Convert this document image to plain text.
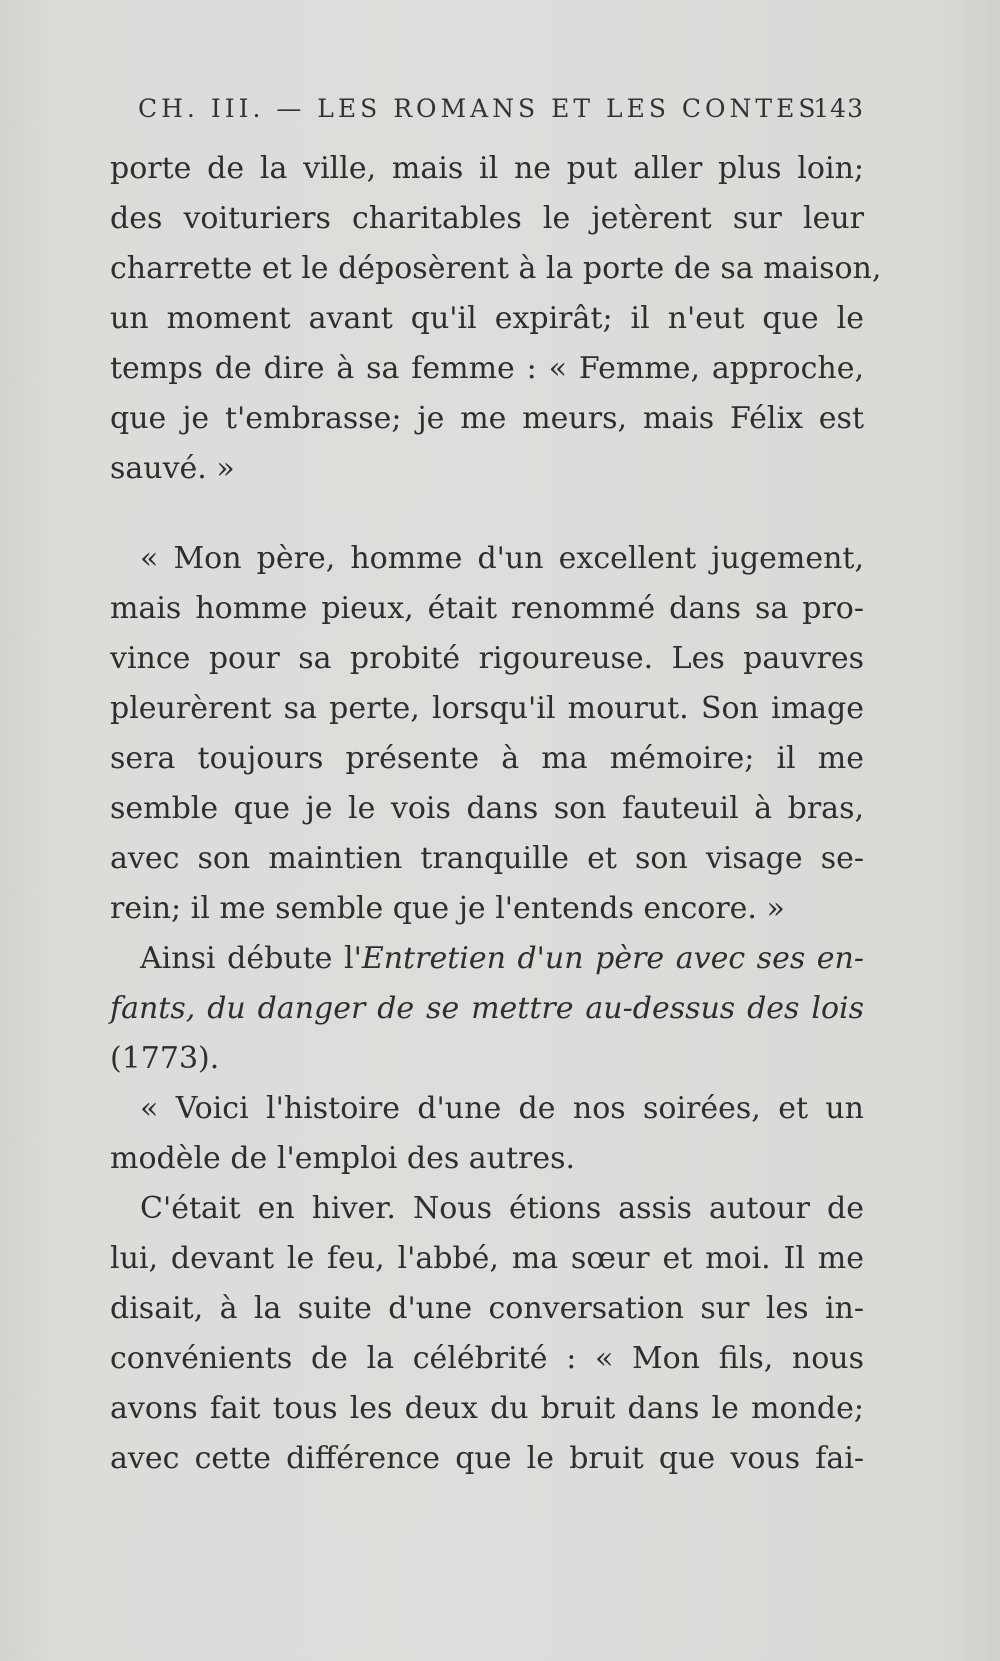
CH. III. — LES ROMANS ET LES CONTES
143
porte de la ville, mais il ne put aller plus loin;
des voituriers charitables le jetèrent sur leur
charrette et le déposèrent à la porte de sa maison,
un moment avant qu'il expirât; il n'eut que le
temps de dire à sa femme : « Femme, approche,
que je t'embrasse; je me meurs, mais Félix est
sauvé. »
« Mon père, homme d'un excellent jugement,
mais homme pieux, était renommé dans sa pro-
vince pour sa probité rigoureuse. Les pauvres
pleurèrent sa perte, lorsqu'il mourut. Son image
sera toujours présente à ma mémoire; il me
semble que je le vois dans son fauteuil à bras,
avec son maintien tranquille et son visage se-
rein; il me semble que je l'entends encore. »
Ainsi débute l'Entretien d'un père avec ses en-
fants, du danger de se mettre au-dessus des lois
(1773).
« Voici l'histoire d'une de nos soirées, et un
modèle de l'emploi des autres.
C'était en hiver. Nous étions assis autour de
lui, devant le feu, l'abbé, ma sœur et moi. Il me
disait, à la suite d'une conversation sur les in-
convénients de la célébrité : « Mon fils, nous
avons fait tous les deux du bruit dans le monde;
avec cette différence que le bruit que vous fai-
